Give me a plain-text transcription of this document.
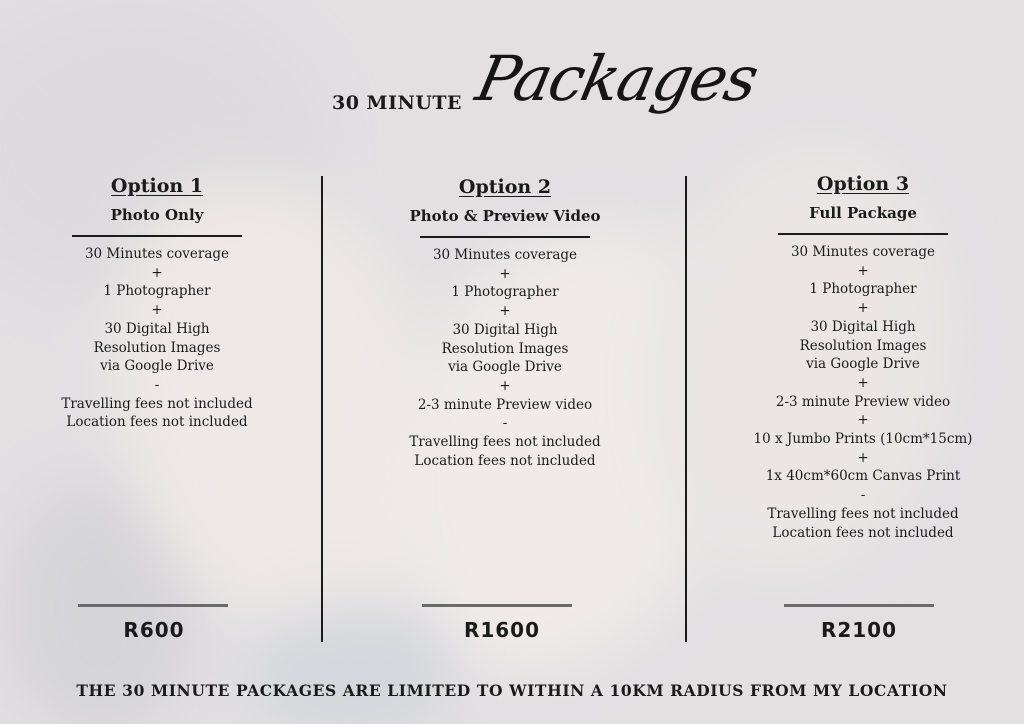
30 MINUTE Packages

Option 1

Photo Only

30 Minutes coverage
+
1 Photographer
+
30 Digital High
Resolution Images
via Google Drive
-
Travelling fees not included
Location fees not included

Option 2

Photo & Preview Video

30 Minutes coverage
+
1 Photographer
+
30 Digital High
Resolution Images
via Google Drive
+
2-3 minute Preview video
-
Travelling fees not included
Location fees not included

Option 3

Full Package

30 Minutes coverage
+
1 Photographer
+
30 Digital High
Resolution Images
via Google Drive
+
2-3 minute Preview video
+
10 x Jumbo Prints (10cm*15cm)
+
1x 40cm*60cm Canvas Print
-
Travelling fees not included
Location fees not included
R600	R1600	R2100
THE 30 MINUTE PACKAGES ARE LIMITED TO WITHIN A 10KM RADIUS FROM MY LOCATION
